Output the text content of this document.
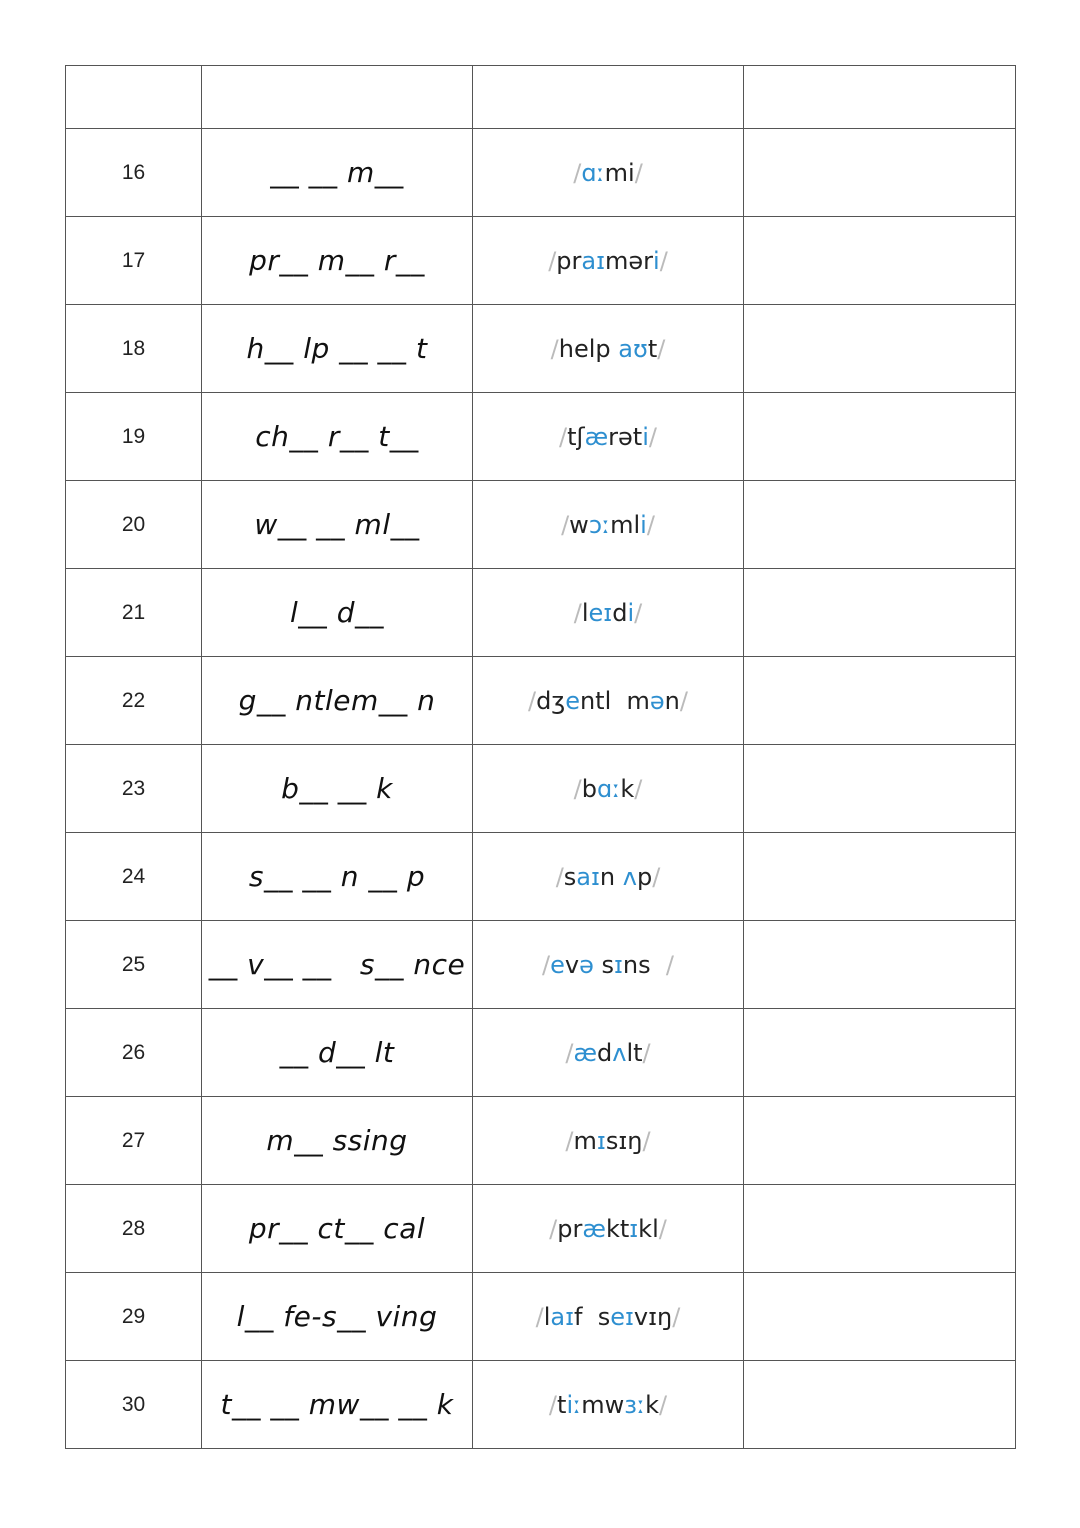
16	__ __ m__	/ɑːmi/	
17	pr__ m__ r__	/praɪməri/	
18	h__ lp __ __ t	/help aʊt/	
19	ch__ r__ t__	/tʃærəti/	
20	w__ __ ml__	/wɔːmli/	
21	l__ d__	/leɪdi/	
22	g__ ntlem__ n	/dʒentl  mən/	
23	b__ __ k	/bɑːk/	
24	s__ __ n __ p	/saɪn ʌp/	
25	__ v__ __   s__ nce	/evə sɪns  /	
26	__ d__ lt	/ædʌlt/	
27	m__ ssing	/mɪsɪŋ/	
28	pr__ ct__ cal	/præktɪkl/	
29	l__ fe-s__ ving	/laɪf  seɪvɪŋ/	
30	t__ __ mw__ __ k	/tiːmwɜːk/	
